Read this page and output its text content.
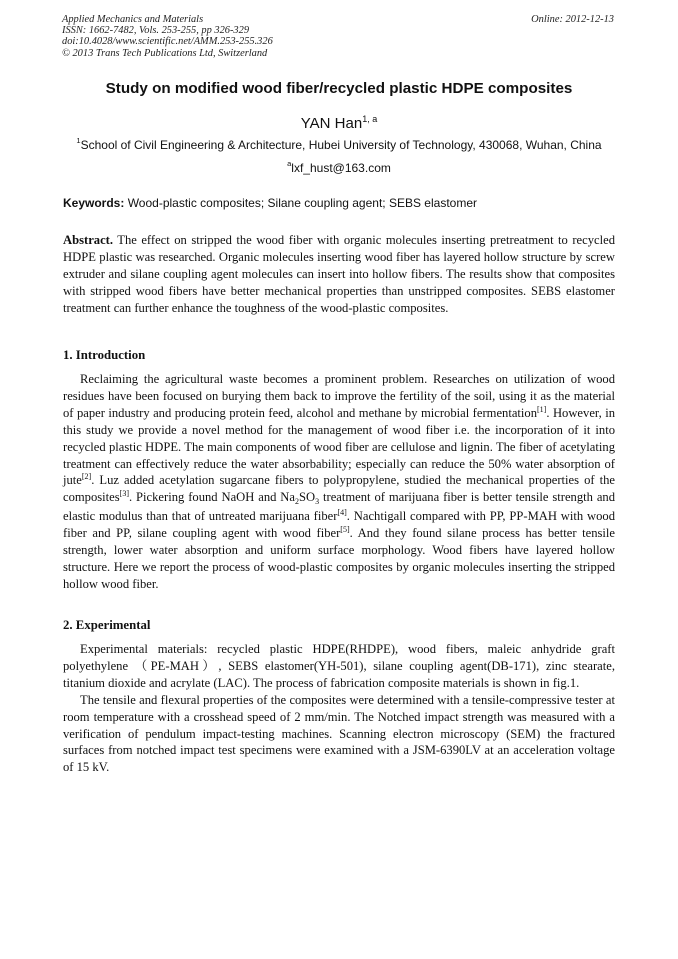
Applied Mechanics and Materials
ISSN: 1662-7482, Vols. 253-255, pp 326-329
doi:10.4028/www.scientific.net/AMM.253-255.326
© 2013 Trans Tech Publications Ltd, Switzerland
Online: 2012-12-13
Study on modified wood fiber/recycled plastic HDPE composites
YAN Han$^{1, a}$
$^1$School of Civil Engineering & Architecture, Hubei University of Technology, 430068, Wuhan, China
$^a$lxf_hust@163.com
Keywords: Wood-plastic composites; Silane coupling agent; SEBS elastomer
Abstract. The effect on stripped the wood fiber with organic molecules inserting pretreatment to recycled HDPE plastic was researched. Organic molecules inserting wood fiber has layered hollow structure by screw extruder and silane coupling agent molecules can insert into hollow fibers. The results show that composites with stripped wood fibers have better mechanical properties than unstripped composites. SEBS elastomer treatment can further enhance the toughness of the wood-plastic composites.
1. Introduction
Reclaiming the agricultural waste becomes a prominent problem. Researches on utilization of wood residues have been focused on burying them back to improve the fertility of the soil, using it as the material of paper industry and producing protein feed, alcohol and methane by microbial fermentation[1]. However, in this study we provide a novel method for the management of wood fiber i.e. the incorporation of it into recycled plastic HDPE. The main components of wood fiber are cellulose and lignin. The fiber of acetylating treatment can effectively reduce the water absorbability; especially can reduce the 50% water absorption of jute[2]. Luz added acetylation sugarcane fibers to polypropylene, studied the mechanical properties of the composites[3]. Pickering found NaOH and $Na_2SO_3$ treatment of marijuana fiber is better tensile strength and elastic modulus than that of untreated marijuana fiber[4]. Nachtigall compared with PP, PP-MAH with wood fiber and PP, silane coupling agent with wood fiber[5]. And they found silane process has better tensile strength, lower water absorption and uniform surface morphology. Wood fibers have layered hollow structure. Here we report the process of wood-plastic composites by organic molecules inserting the stripped hollow wood fiber.
2. Experimental
Experimental materials: recycled plastic HDPE(RHDPE), wood fibers, maleic anhydride graft polyethylene （PE-MAH）, SEBS elastomer(YH-501), silane coupling agent(DB-171), zinc stearate, titanium dioxide and acrylate (LAC). The process of fabrication composite materials is shown in fig.1.
The tensile and flexural properties of the composites were determined with a tensile-compressive tester at room temperature with a crosshead speed of 2 mm/min. The Notched impact strength was measured with a verification of pendulum impact-testing machines. Scanning electron microscopy (SEM) the fractured surfaces from notched impact test specimens were examined with a JSM-6390LV at an acceleration voltage of 15 kV.
